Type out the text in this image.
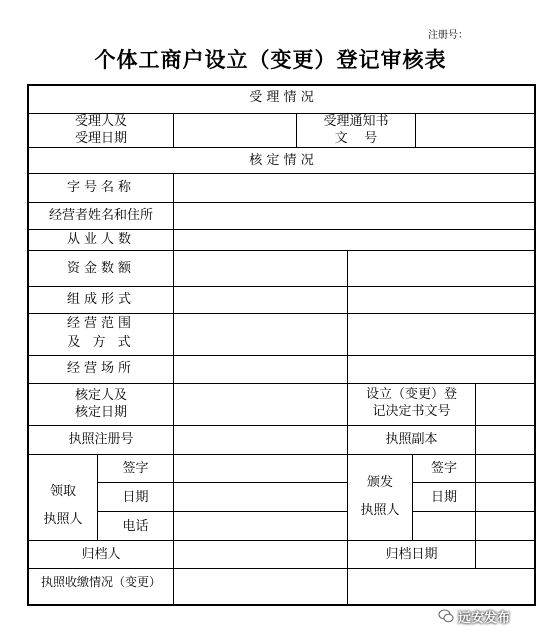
注册号：
个体工商户设立（变更）登记审核表
受 理 情 况
核 定 情 况
受理人及
受理日期
受理通知书
文    号
字号名称
经营者姓名和住所
从业人数
资金数额
组成形式
经营范围
及 方 式
经营场所
核定人及
核定日期
设立（变更）登
记决定书文号
执照注册号	执照副本
领取
执照人
签字
日期
电话
颁发
执照人
签字
日期
归档人	归档日期
执照收缴情况（变更）
远安发布
